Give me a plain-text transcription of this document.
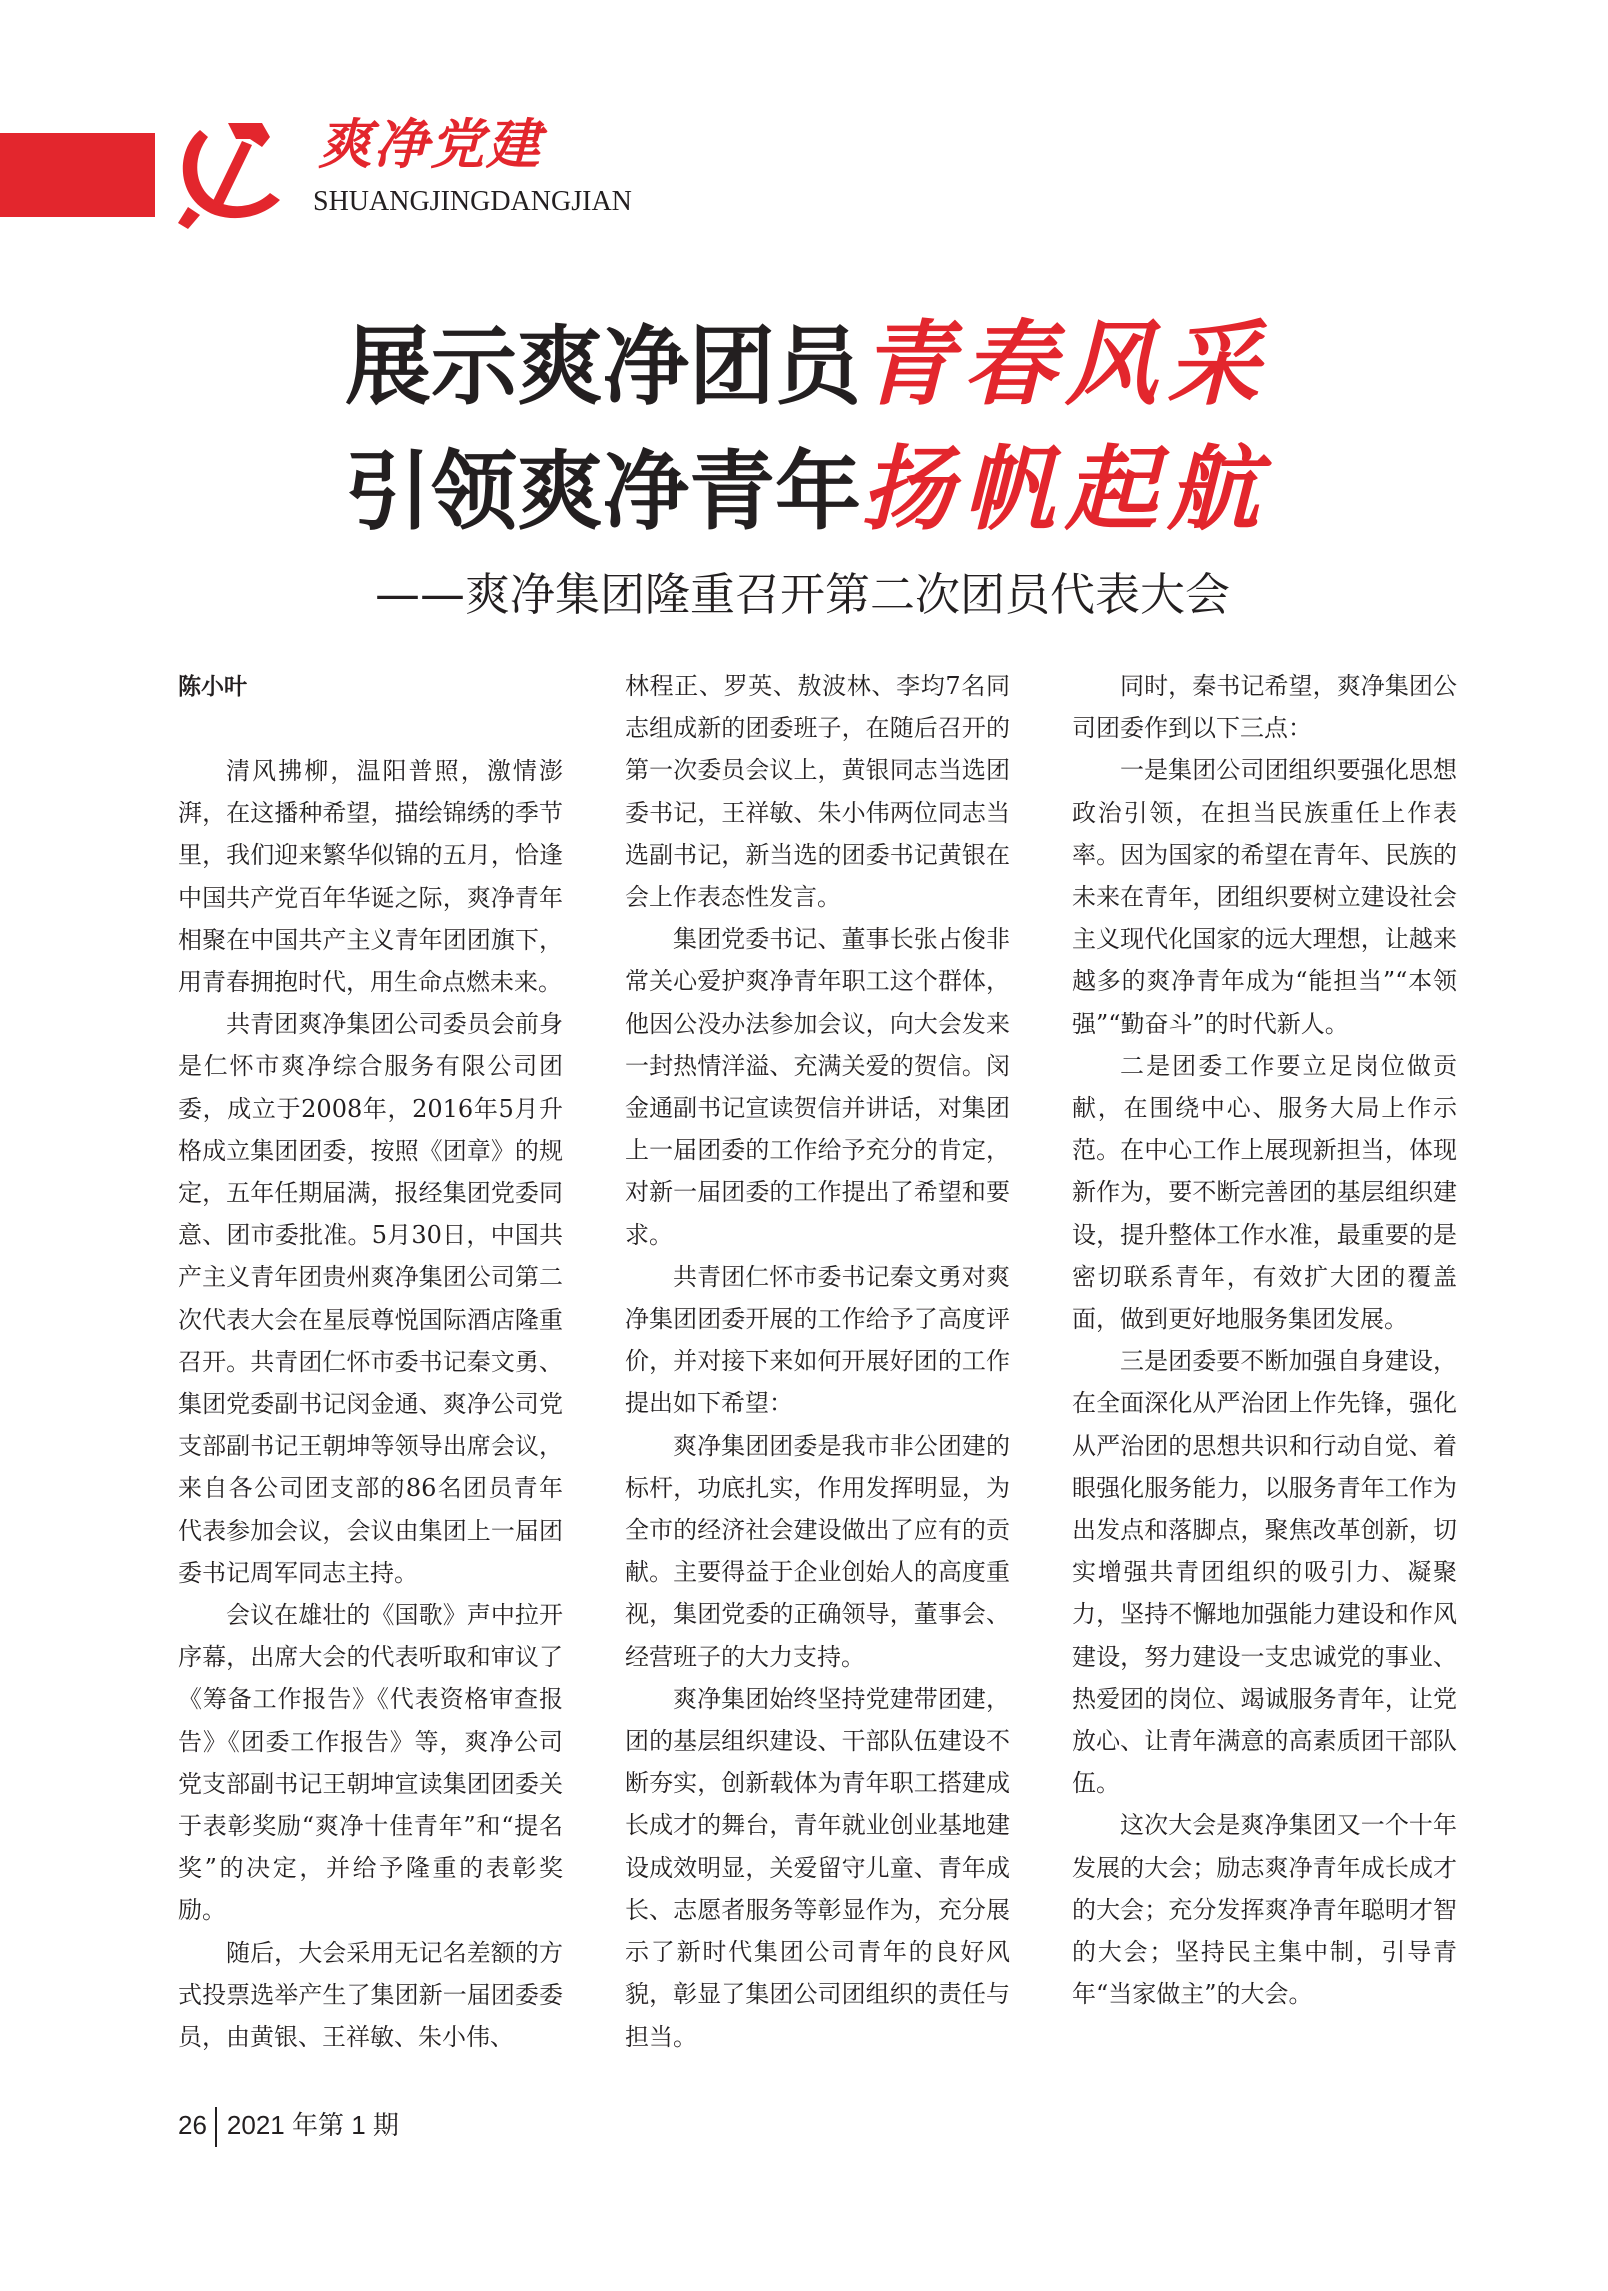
爽净党建
SHUANGJINGDANGJIAN
展示爽净团员青春风采
引领爽净青年扬帆起航
——爽净集团隆重召开第二次团员代表大会
陈小叶

清风拂柳，温阳普照，激情澎湃，在这播种希望，描绘锦绣的季节里，我们迎来繁华似锦的五月，恰逢中国共产党百年华诞之际，爽净青年相聚在中国共产主义青年团团旗下，用青春拥抱时代，用生命点燃未来。

共青团爽净集团公司委员会前身是仁怀市爽净综合服务有限公司团委，成立于2008年，2016年5月升格成立集团团委，按照《团章》的规定，五年任期届满，报经集团党委同意、团市委批准。5月30日，中国共产主义青年团贵州爽净集团公司第二次代表大会在星辰尊悦国际酒店隆重召开。共青团仁怀市委书记秦文勇、集团党委副书记闵金通、爽净公司党支部副书记王朝坤等领导出席会议，来自各公司团支部的86名团员青年代表参加会议，会议由集团上一届团委书记周军同志主持。

会议在雄壮的《国歌》声中拉开序幕，出席大会的代表听取和审议了《筹备工作报告》《代表资格审查报告》《团委工作报告》等，爽净公司党支部副书记王朝坤宣读集团团委关于表彰奖励“爽净十佳青年”和“提名奖”的决定，并给予隆重的表彰奖励。

随后，大会采用无记名差额的方式投票选举产生了集团新一届团委委员，由黄银、王祥敏、朱小伟、

林程正、罗英、敖波林、李均7名同志组成新的团委班子，在随后召开的第一次委员会议上，黄银同志当选团委书记，王祥敏、朱小伟两位同志当选副书记，新当选的团委书记黄银在会上作表态性发言。

集团党委书记、董事长张占俊非常关心爱护爽净青年职工这个群体，他因公没办法参加会议，向大会发来一封热情洋溢、充满关爱的贺信。闵金通副书记宣读贺信并讲话，对集团上一届团委的工作给予充分的肯定，对新一届团委的工作提出了希望和要求。

共青团仁怀市委书记秦文勇对爽净集团团委开展的工作给予了高度评价，并对接下来如何开展好团的工作提出如下希望：

爽净集团团委是我市非公团建的标杆，功底扎实，作用发挥明显，为全市的经济社会建设做出了应有的贡献。主要得益于企业创始人的高度重视，集团党委的正确领导，董事会、经营班子的大力支持。

爽净集团始终坚持党建带团建，团的基层组织建设、干部队伍建设不断夯实，创新载体为青年职工搭建成长成才的舞台，青年就业创业基地建设成效明显，关爱留守儿童、青年成长、志愿者服务等彰显作为，充分展示了新时代集团公司青年的良好风貌，彰显了集团公司团组织的责任与担当。

同时，秦书记希望，爽净集团公司团委作到以下三点：

一是集团公司团组织要强化思想政治引领，在担当民族重任上作表率。因为国家的希望在青年、民族的未来在青年，团组织要树立建设社会主义现代化国家的远大理想，让越来越多的爽净青年成为“能担当”“本领强”“勤奋斗”的时代新人。

二是团委工作要立足岗位做贡献，在围绕中心、服务大局上作示范。在中心工作上展现新担当，体现新作为，要不断完善团的基层组织建设，提升整体工作水准，最重要的是密切联系青年，有效扩大团的覆盖面，做到更好地服务集团发展。

三是团委要不断加强自身建设，在全面深化从严治团上作先锋，强化从严治团的思想共识和行动自觉、着眼强化服务能力，以服务青年工作为出发点和落脚点，聚焦改革创新，切实增强共青团组织的吸引力、凝聚力，坚持不懈地加强能力建设和作风建设，努力建设一支忠诚党的事业、热爱团的岗位、竭诚服务青年，让党放心、让青年满意的高素质团干部队伍。

这次大会是爽净集团又一个十年发展的大会；励志爽净青年成长成才的大会；充分发挥爽净青年聪明才智的大会；坚持民主集中制，引导青年“当家做主”的大会。

26 2021 年第 1 期
